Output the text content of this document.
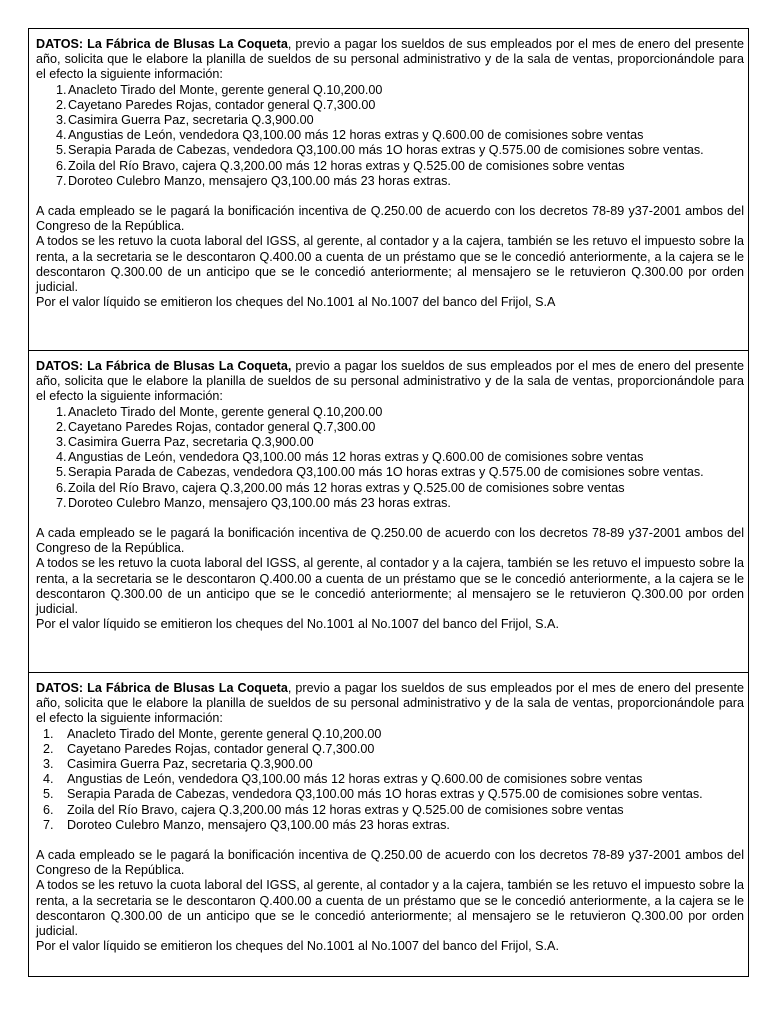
DATOS: La Fábrica de Blusas La Coqueta, previo a pagar los sueldos de sus empleados por el mes de enero del presente año, solicita que le elabore la planilla de sueldos de su personal administrativo y de la sala de ventas, proporcionándole para el efecto la siguiente información:

1. Anacleto Tirado del Monte, gerente general Q.10,200.00
2. Cayetano Paredes Rojas, contador general Q.7,300.00
3. Casimira Guerra Paz, secretaria Q.3,900.00
4. Angustias de León, vendedora Q3,100.00 más 12 horas extras y Q.600.00 de comisiones sobre ventas
5. Serapia Parada de Cabezas, vendedora Q3,100.00 más 1O horas extras y Q.575.00 de comisiones sobre ventas.
6. Zoila del Río Bravo, cajera Q.3,200.00 más 12 horas extras y Q.525.00 de comisiones sobre ventas
7. Doroteo Culebro Manzo, mensajero Q3,100.00 más 23 horas extras.

A cada empleado se le pagará la bonificación incentiva de Q.250.00 de acuerdo con los decretos 78-89 y37-2001 ambos del Congreso de la República.

A todos se les retuvo la cuota laboral del IGSS, al gerente, al contador y a la cajera, también se les retuvo el impuesto sobre la renta, a la secretaria se le descontaron Q.400.00 a cuenta de un préstamo que se le concedió anteriormente, a la cajera se le descontaron Q.300.00 de un anticipo que se le concedió anteriormente; al mensajero se le retuvieron Q.300.00 por orden judicial.

Por el valor líquido se emitieron los cheques del No.1001 al No.1007 del banco del Frijol, S.A

DATOS: La Fábrica de Blusas La Coqueta, previo a pagar los sueldos de sus empleados por el mes de enero del presente año, solicita que le elabore la planilla de sueldos de su personal administrativo y de la sala de ventas, proporcionándole para el efecto la siguiente información:

1. Anacleto Tirado del Monte, gerente general Q.10,200.00
2. Cayetano Paredes Rojas, contador general Q.7,300.00
3. Casimira Guerra Paz, secretaria Q.3,900.00
4. Angustias de León, vendedora Q3,100.00 más 12 horas extras y Q.600.00 de comisiones sobre ventas
5. Serapia Parada de Cabezas, vendedora Q3,100.00 más 1O horas extras y Q.575.00 de comisiones sobre ventas.
6. Zoila del Río Bravo, cajera Q.3,200.00 más 12 horas extras y Q.525.00 de comisiones sobre ventas
7. Doroteo Culebro Manzo, mensajero Q3,100.00 más 23 horas extras.

A cada empleado se le pagará la bonificación incentiva de Q.250.00 de acuerdo con los decretos 78-89 y37-2001 ambos del Congreso de la República.

A todos se les retuvo la cuota laboral del IGSS, al gerente, al contador y a la cajera, también se les retuvo el impuesto sobre la renta, a la secretaria se le descontaron Q.400.00 a cuenta de un préstamo que se le concedió anteriormente, a la cajera se le descontaron Q.300.00 de un anticipo que se le concedió anteriormente; al mensajero se le retuvieron Q.300.00 por orden judicial.

Por el valor líquido se emitieron los cheques del No.1001 al No.1007 del banco del Frijol, S.A.

DATOS: La Fábrica de Blusas La Coqueta, previo a pagar los sueldos de sus empleados por el mes de enero del presente año, solicita que le elabore la planilla de sueldos de su personal administrativo y de la sala de ventas, proporcionándole para el efecto la siguiente información:

1. Anacleto Tirado del Monte, gerente general Q.10,200.00
2. Cayetano Paredes Rojas, contador general Q.7,300.00
3. Casimira Guerra Paz, secretaria Q.3,900.00
4. Angustias de León, vendedora Q3,100.00 más 12 horas extras y Q.600.00 de comisiones sobre ventas
5. Serapia Parada de Cabezas, vendedora Q3,100.00 más 1O horas extras y Q.575.00 de comisiones sobre ventas.
6. Zoila del Río Bravo, cajera Q.3,200.00 más 12 horas extras y Q.525.00 de comisiones sobre ventas
7. Doroteo Culebro Manzo, mensajero Q3,100.00 más 23 horas extras.

A cada empleado se le pagará la bonificación incentiva de Q.250.00 de acuerdo con los decretos 78-89 y37-2001 ambos del Congreso de la República.

A todos se les retuvo la cuota laboral del IGSS, al gerente, al contador y a la cajera, también se les retuvo el impuesto sobre la renta, a la secretaria se le descontaron Q.400.00 a cuenta de un préstamo que se le concedió anteriormente, a la cajera se le descontaron Q.300.00 de un anticipo que se le concedió anteriormente; al mensajero se le retuvieron Q.300.00 por orden judicial.

Por el valor líquido se emitieron los cheques del No.1001 al No.1007 del banco del Frijol, S.A.
